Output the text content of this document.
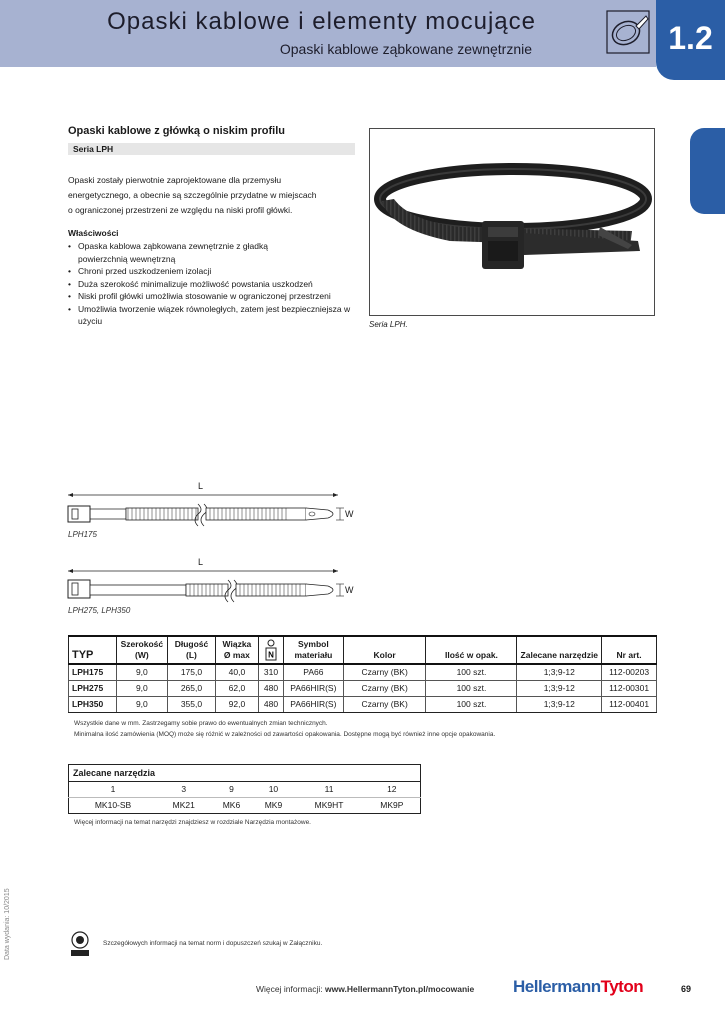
Opaski kablowe i elementy mocujące
Opaski kablowe ząbkowane zewnętrznie	1.2
Opaski kablowe z główką o niskim profilu
Seria LPH
Opaski zostały pierwotnie zaprojektowane dla przemysłu
energetycznego, a obecnie są szczególnie przydatne w miejscach
o ograniczonej przestrzeni ze względu na niski profil główki.
Właściwości
• Opaska kablowa ząbkowana zewnętrznie z gładką powierzchnią wewnętrzną
• Chroni przed uszkodzeniem izolacji
• Duża szerokość minimalizuje możliwość powstania uszkodzeń
• Niski profil główki umożliwia stosowanie w ograniczonej przestrzeni
• Umożliwia tworzenie wiązek równoległych, zatem jest bezpieczniejsza w użyciu	Seria LPH.
L
W
LPH175
L
W
LPH275, LPH350
TYP	Szerokość (W)	Długość (L)	Wiązka Ø max	N	Symbol materiału	Kolor	Ilość w opak.	Zalecane narzędzie	Nr art.
LPH175	9,0	175,0	40,0	310	PA66	Czarny (BK)	100 szt.	1;3;9-12	112-00203
LPH275	9,0	265,0	62,0	480	PA66HIR(S)	Czarny (BK)	100 szt.	1;3;9-12	112-00301
LPH350	9,0	355,0	92,0	480	PA66HIR(S)	Czarny (BK)	100 szt.	1;3;9-12	112-00401
Wszystkie dane w mm. Zastrzegamy sobie prawo do ewentualnych zmian technicznych.
Minimalna ilość zamówienia (MOQ) może się różnić w zależności od zawartości opakowania. Dostępne mogą być również inne opcje opakowania.
Zalecane narzędzia					
1	3	9	10	11	12
MK10-SB	MK21	MK6	MK9	MK9HT	MK9P
Więcej informacji na temat narzędzi znajdziesz w rozdziale Narzędzia montażowe.
Data wydania: 10/2015	Szczegółowych informacji na temat norm i dopuszczeń szukaj w Załączniku.
Więcej informacji: www.HellermannTyton.pl/mocowanie HellermannTyton	69
